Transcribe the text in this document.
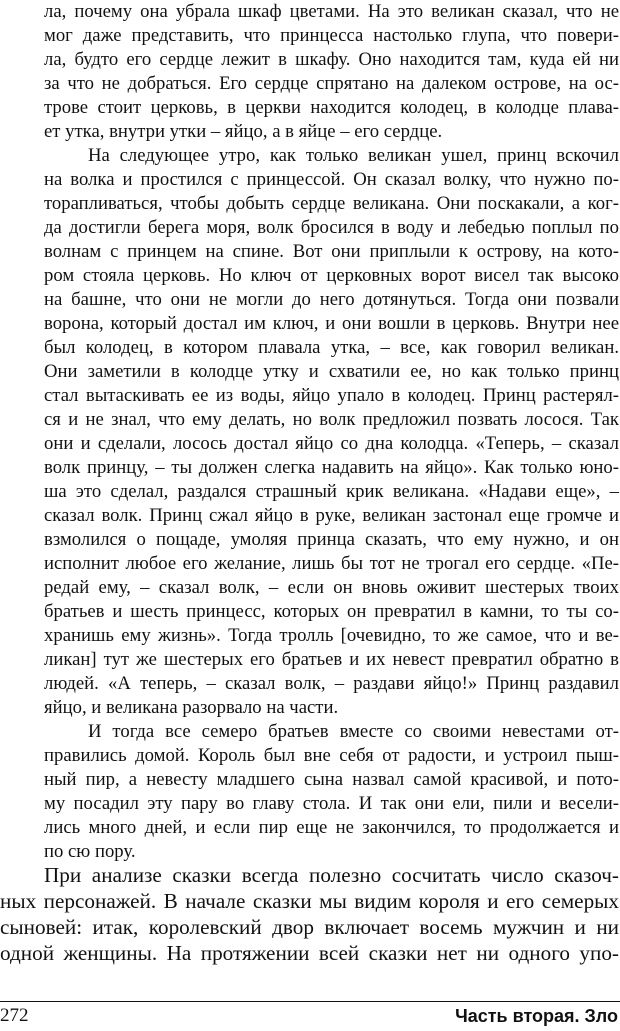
ла, почему она убрала шкаф цветами. На это великан сказал, что не
мог даже представить, что принцесса настолько глупа, что повери-
ла, будто его сердце лежит в шкафу. Оно находится там, куда ей ни
за что не добраться. Его сердце спрятано на далеком острове, на ос-
трове стоит церковь, в церкви находится колодец, в колодце плава-
ет утка, внутри утки – яйцо, а в яйце – его сердце.
На следующее утро, как только великан ушел, принц вскочил
на волка и простился с принцессой. Он сказал волку, что нужно по-
торапливаться, чтобы добыть сердце великана. Они поскакали, а ког-
да достигли берега моря, волк бросился в воду и лебедью поплыл по
волнам с принцем на спине. Вот они приплыли к острову, на кото-
ром стояла церковь. Но ключ от церковных ворот висел так высоко
на башне, что они не могли до него дотянуться. Тогда они позвали
ворона, который достал им ключ, и они вошли в церковь. Внутри нее
был колодец, в котором плавала утка, – все, как говорил великан.
Они заметили в колодце утку и схватили ее, но как только принц
стал вытаскивать ее из воды, яйцо упало в колодец. Принц растерял-
ся и не знал, что ему делать, но волк предложил позвать лосося. Так
они и сделали, лосось достал яйцо со дна колодца. «Теперь, – сказал
волк принцу, – ты должен слегка надавить на яйцо». Как только юно-
ша это сделал, раздался страшный крик великана. «Надави еще», –
сказал волк. Принц сжал яйцо в руке, великан застонал еще громче и
взмолился о пощаде, умоляя принца сказать, что ему нужно, и он
исполнит любое его желание, лишь бы тот не трогал его сердце. «Пе-
редай ему, – сказал волк, – если он вновь оживит шестерых твоих
братьев и шесть принцесс, которых он превратил в камни, то ты со-
хранишь ему жизнь». Тогда тролль [очевидно, то же самое, что и ве-
ликан] тут же шестерых его братьев и их невест превратил обратно в
людей. «А теперь, – сказал волк, – раздави яйцо!» Принц раздавил
яйцо, и великана разорвало на части.
И тогда все семеро братьев вместе со своими невестами от-
правились домой. Король был вне себя от радости, и устроил пыш-
ный пир, а невесту младшего сына назвал самой красивой, и пото-
му посадил эту пару во главу стола. И так они ели, пили и весели-
лись много дней, и если пир еще не закончился, то продолжается и
по сю пору.
При анализе сказки всегда полезно сосчитать число сказоч-
ных персонажей. В начале сказки мы видим короля и его семерых
сыновей: итак, королевский двор включает восемь мужчин и ни
одной женщины. На протяжении всей сказки нет ни одного упо-
272	Часть вторая. Зло
